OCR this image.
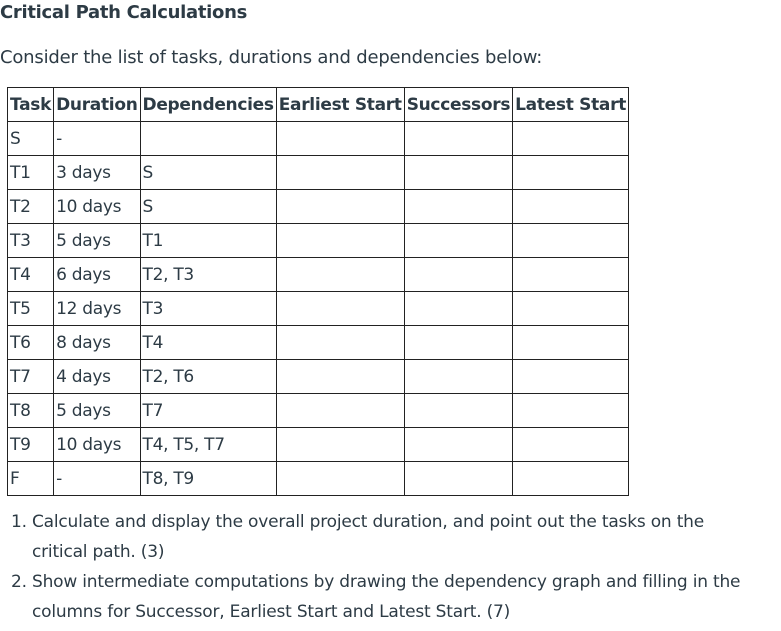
Critical Path Calculations
Consider the list of tasks, durations and dependencies below:
Task	Duration	Dependencies	Earliest Start	Successors	Latest Start
S	-				
T1	3 days	S			
T2	10 days	S			
T3	5 days	T1			
T4	6 days	T2, T3			
T5	12 days	T3			
T6	8 days	T4			
T7	4 days	T2, T6			
T8	5 days	T7			
T9	10 days	T4, T5, T7			
F	-	T8, T9			
1. Calculate and display the overall project duration, and point out the tasks on the critical path. (3)
2. Show intermediate computations by drawing the dependency graph and filling in the columns for Successor, Earliest Start and Latest Start. (7)
